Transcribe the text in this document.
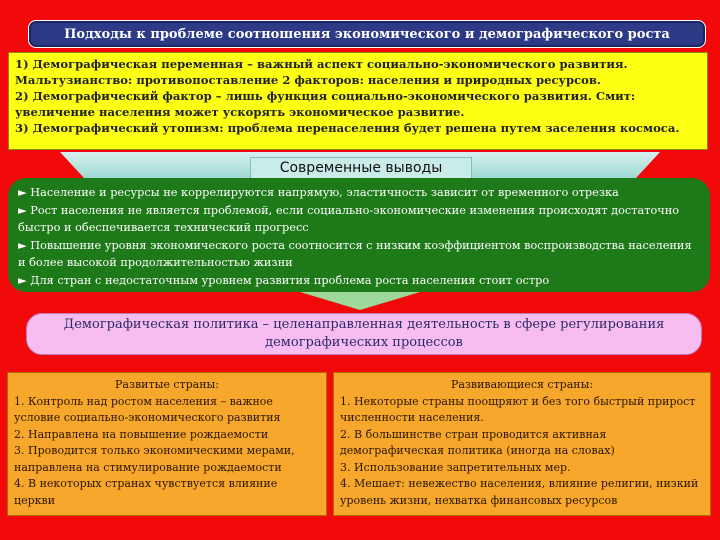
Подходы к проблеме соотношения экономического и демографического роста

1) Демографическая переменная – важный аспект социально-экономического развития.

Мальтузианство: противопоставление 2 факторов: населения и природных ресурсов.

2) Демографический фактор – лишь функция социально-экономического развития. Смит: увеличение населения может ускорять экономическое развитие.

3) Демографический утопизм: проблема перенаселения будет решена путем заселения космоса.

Современные выводы

► Население и ресурсы не коррелируются напрямую, эластичность зависит от временного отрезка

► Рост населения не является проблемой, если социально-экономические изменения происходят достаточно быстро и обеспечивается технический прогресс

► Повышение уровня экономического роста соотносится с низким коэффициентом воспроизводства населения и более высокой продолжительностью жизни

► Для стран с недостаточным уровнем развития проблема роста населения стоит остро

Демографическая политика – целенаправленная деятельность в сфере регулирования демографических процессов

Развитые страны:

1. Контроль над ростом населения – важное условие социально-экономического развития

2. Направлена на повышение рождаемости

3. Проводится только экономическими мерами, направлена на стимулирование рождаемости

4. В некоторых странах чувствуется влияние церкви

Развивающиеся страны:

1. Некоторые страны поощряют и без того быстрый прирост численности населения.

2. В большинстве стран проводится активная демографическая политика (иногда на словах)

3. Использование запретительных мер.

4. Мешает: невежество населения, влияние религии, низкий уровень жизни, нехватка финансовых ресурсов
